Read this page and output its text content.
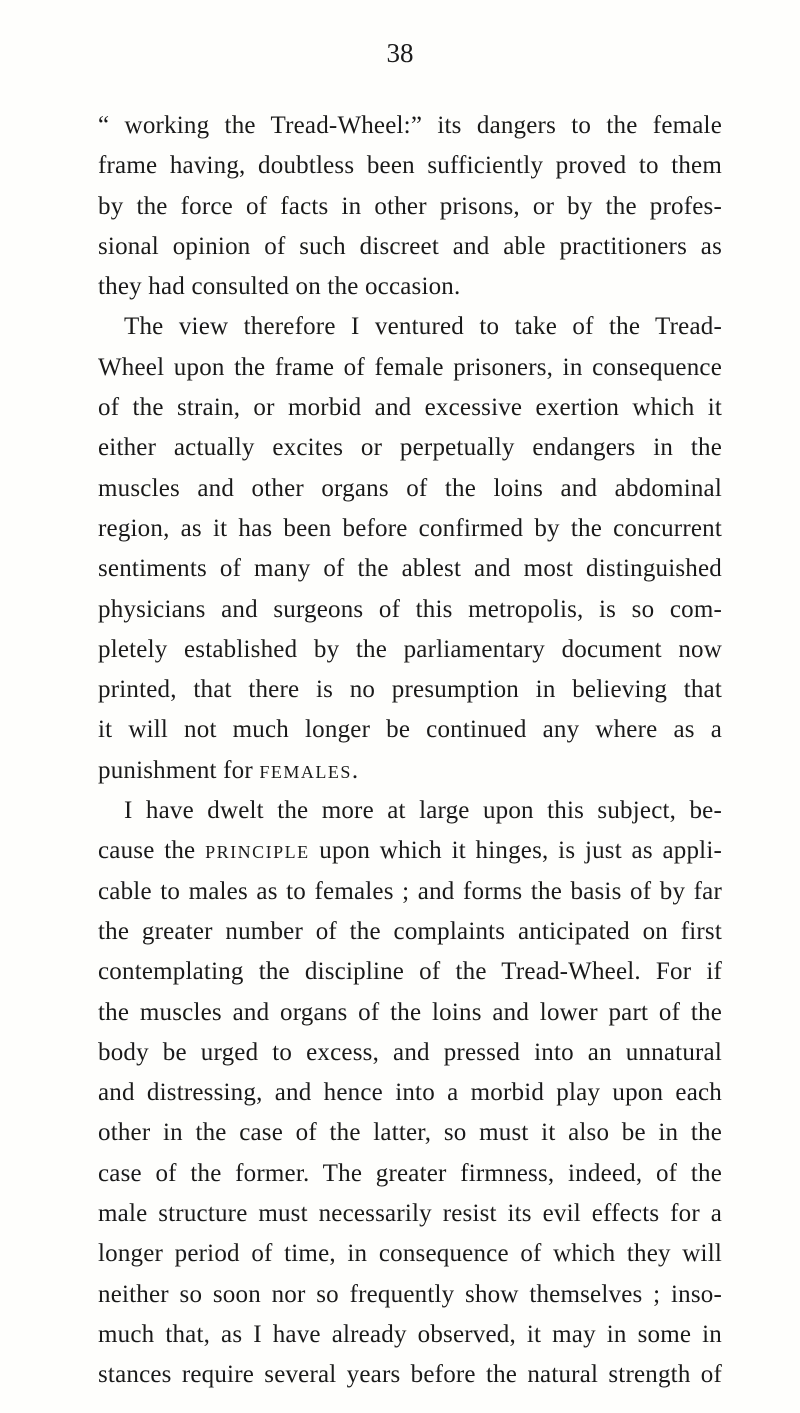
38
“ working the Tread-Wheel:” its dangers to the female
frame having, doubtless been sufficiently proved to them
by the force of facts in other prisons, or by the profes-
sional opinion of such discreet and able practitioners as
they had consulted on the occasion.
The view therefore I ventured to take of the Tread-
Wheel upon the frame of female prisoners, in consequence
of the strain, or morbid and excessive exertion which it
either actually excites or perpetually endangers in the
muscles and other organs of the loins and abdominal
region, as it has been before confirmed by the concurrent
sentiments of many of the ablest and most distinguished
physicians and surgeons of this metropolis, is so com-
pletely established by the parliamentary document now
printed, that there is no presumption in believing that
it will not much longer be continued any where as a
punishment for females.
I have dwelt the more at large upon this subject, be-
cause the principle upon which it hinges, is just as appli-
cable to males as to females ; and forms the basis of by far
the greater number of the complaints anticipated on first
contemplating the discipline of the Tread-Wheel. For if
the muscles and organs of the loins and lower part of the
body be urged to excess, and pressed into an unnatural
and distressing, and hence into a morbid play upon each
other in the case of the latter, so must it also be in the
case of the former. The greater firmness, indeed, of the
male structure must necessarily resist its evil effects for a
longer period of time, in consequence of which they will
neither so soon nor so frequently show themselves ; inso-
much that, as I have already observed, it may in some in
stances require several years before the natural strength of
